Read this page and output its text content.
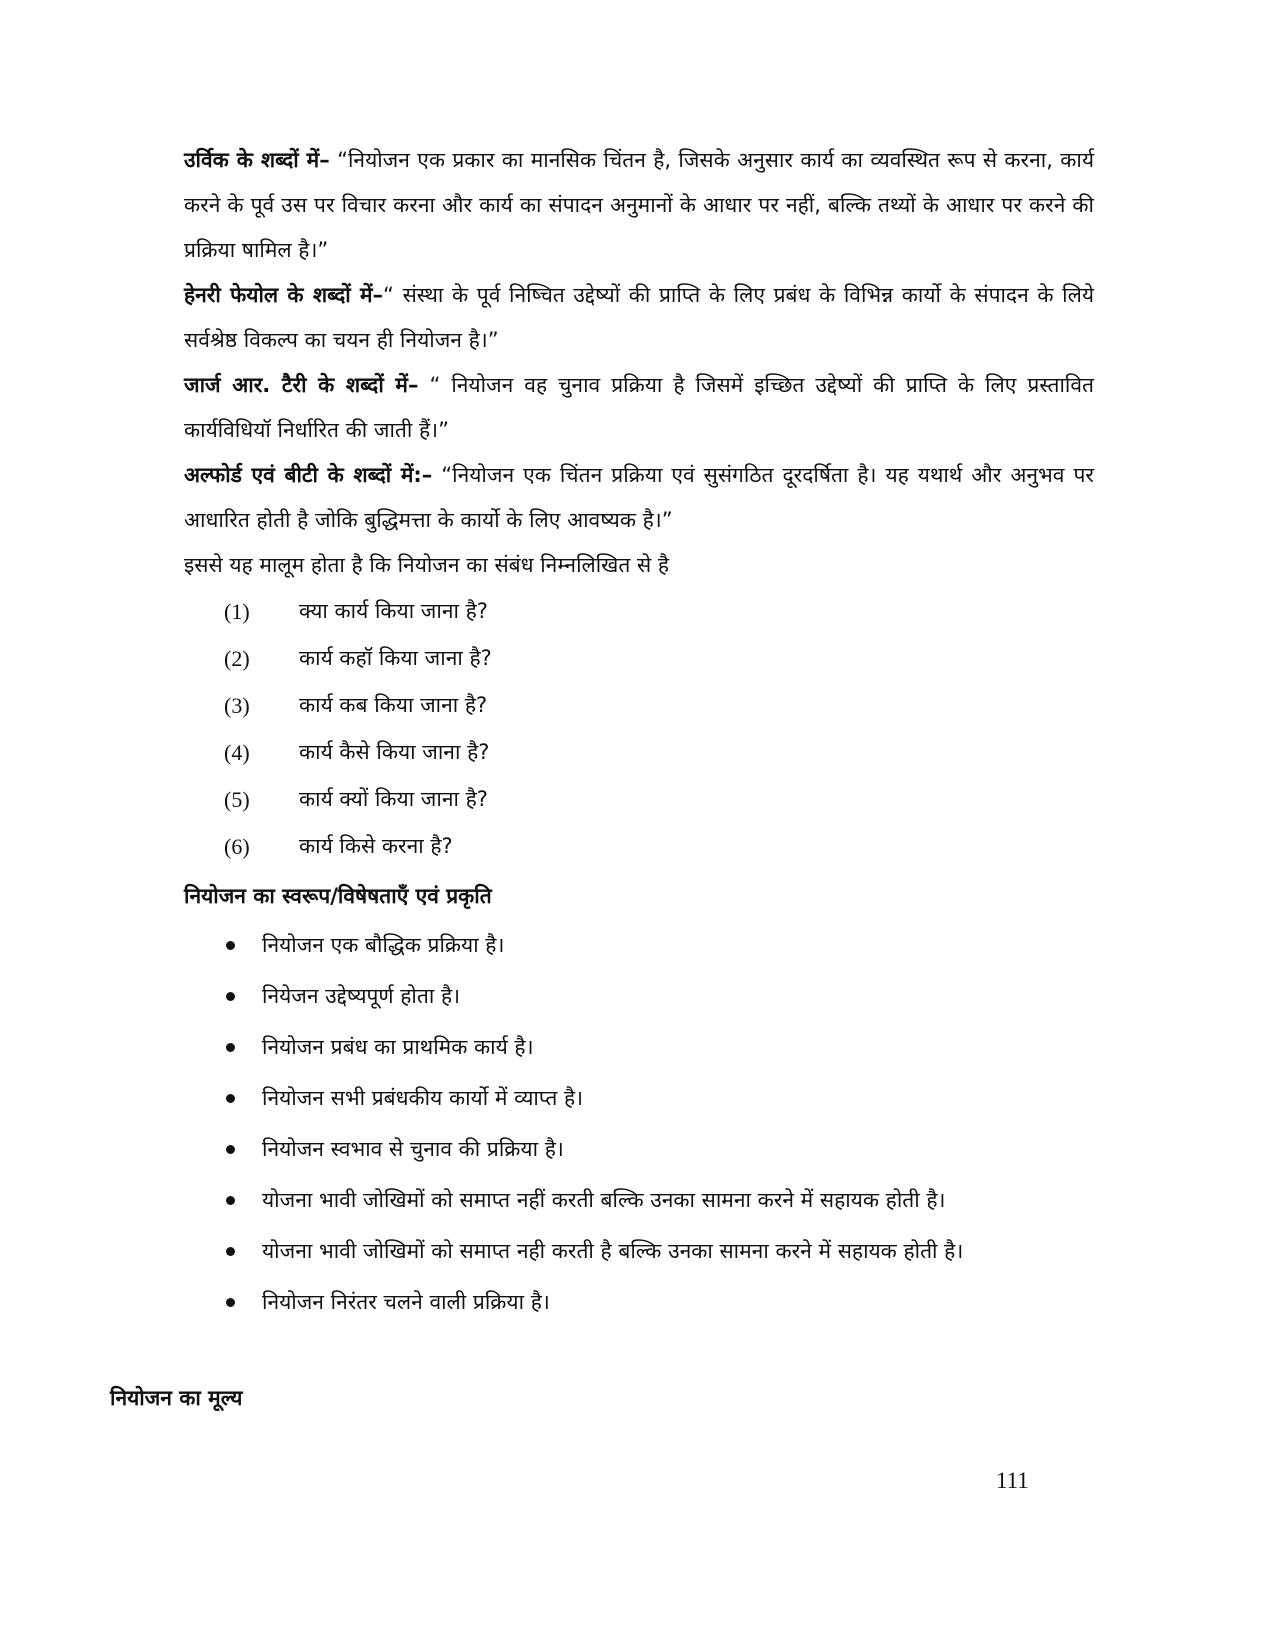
उर्विक के शब्दों में– “नियोजन एक प्रकार का मानसिक चिंतन है, जिसके अनुसार कार्य का व्यवस्थित रूप से करना, कार्य करने के पूर्व उस पर विचार करना और कार्य का संपादन अनुमानों के आधार पर नहीं, बल्कि तथ्यों के आधार पर करने की प्रक्रिया षामिल है।”

हेनरी फेयोल के शब्दों में–“ संस्था के पूर्व निष्चित उद्देष्यों की प्राप्ति के लिए प्रबंध के विभिन्न कार्यो के संपादन के लिये सर्वश्रेष्ठ विकल्प का चयन ही नियोजन है।”

जार्ज आर. टैरी के शब्दों में– “ नियोजन वह चुनाव प्रक्रिया है जिसमें इच्छित उद्देष्यों की प्राप्ति के लिए प्रस्तावित कार्यविधियॉ निर्धारित की जाती हैं।”

अल्फोर्ड एवं बीटी के शब्दों में:– “नियोजन एक चिंतन प्रक्रिया एवं सुसंगठित दूरदर्षिता है। यह यथार्थ और अनुभव पर आधारित होती है जोकि बुद्धिमत्ता के कार्यो के लिए आवष्यक है।”

इससे यह मालूम होता है कि नियोजन का संबंध निम्नलिखित से है

(1)	क्या कार्य किया जाना है?
(2)	कार्य कहॉ किया जाना है?
(3)	कार्य कब किया जाना है?
(4)	कार्य कैसे किया जाना है?
(5)	कार्य क्यों किया जाना है?
(6)	कार्य किसे करना है?

नियोजन का स्वरूप/विषेषताऍं एवं प्रकृति

नियोजन एक बौद्धिक प्रक्रिया है।
नियेजन उद्देष्यपूर्ण होता है।
नियोजन प्रबंध का प्राथमिक कार्य है।
नियोजन सभी प्रबंधकीय कार्यो में व्याप्त है।
नियोजन स्वभाव से चुनाव की प्रक्रिया है।
योजना भावी जोखिमों को समाप्त नहीं करती बल्कि उनका सामना करने में सहायक होती है।
योजना भावी जोखिमों को समाप्त नही करती है बल्कि उनका सामना करने में सहायक होती है।
नियोजन निरंतर चलने वाली प्रक्रिया है।

नियोजन का मूल्य

111
